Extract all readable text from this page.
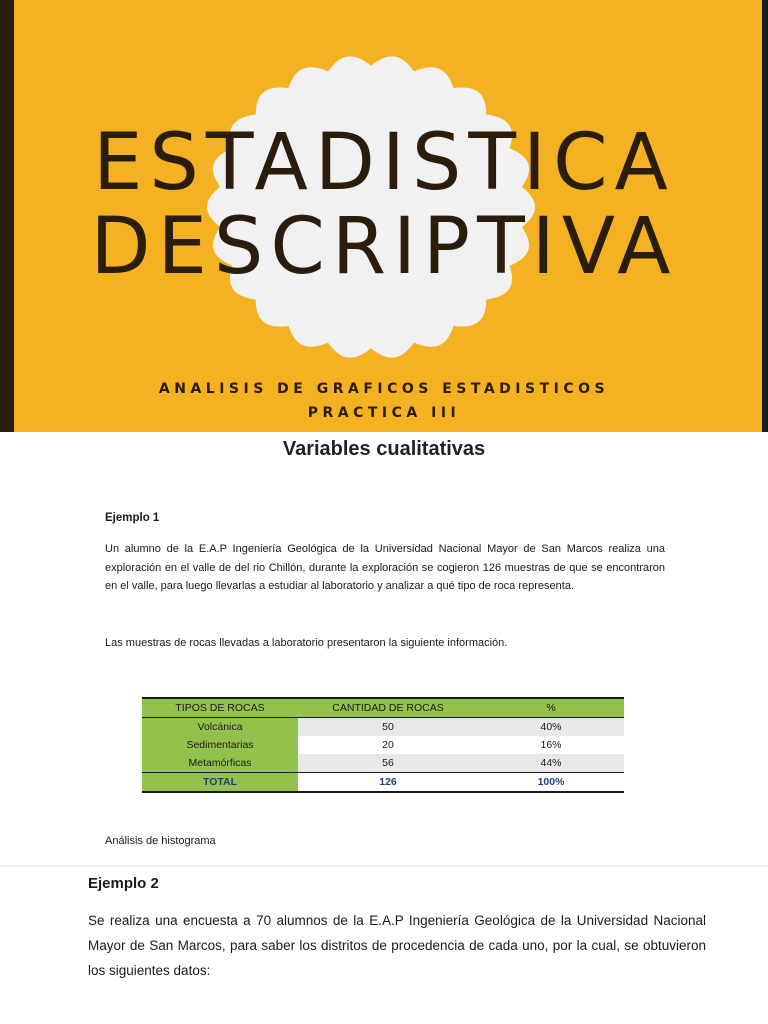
ESTADISTICA
DESCRIPTIVA
ANALISIS DE GRAFICOS ESTADISTICOS
PRACTICA III
Variables cualitativas
Ejemplo 1
Un alumno de la E.A.P Ingeniería Geológica de la Universidad Nacional Mayor de San Marcos realiza una exploración en el valle de del rio Chillón, durante la exploración se cogieron 126 muestras de que se encontraron en el valle, para luego llevarlas a estudiar al laboratorio y analizar a qué tipo de roca representa.
Las muestras de rocas llevadas a laboratorio presentaron la siguiente información.
TIPOS DE ROCAS	CANTIDAD DE ROCAS	%
Volcánica	50	40%
Sedimentarias	20	16%
Metamórficas	56	44%
TOTAL	126	100%
Análisis de histograma
Ejemplo 2
Se realiza una encuesta a 70 alumnos de la E.A.P Ingeniería Geológica de la Universidad Nacional Mayor de San Marcos, para saber los distritos de procedencia de cada uno, por la cual, se obtuvieron los siguientes datos:
